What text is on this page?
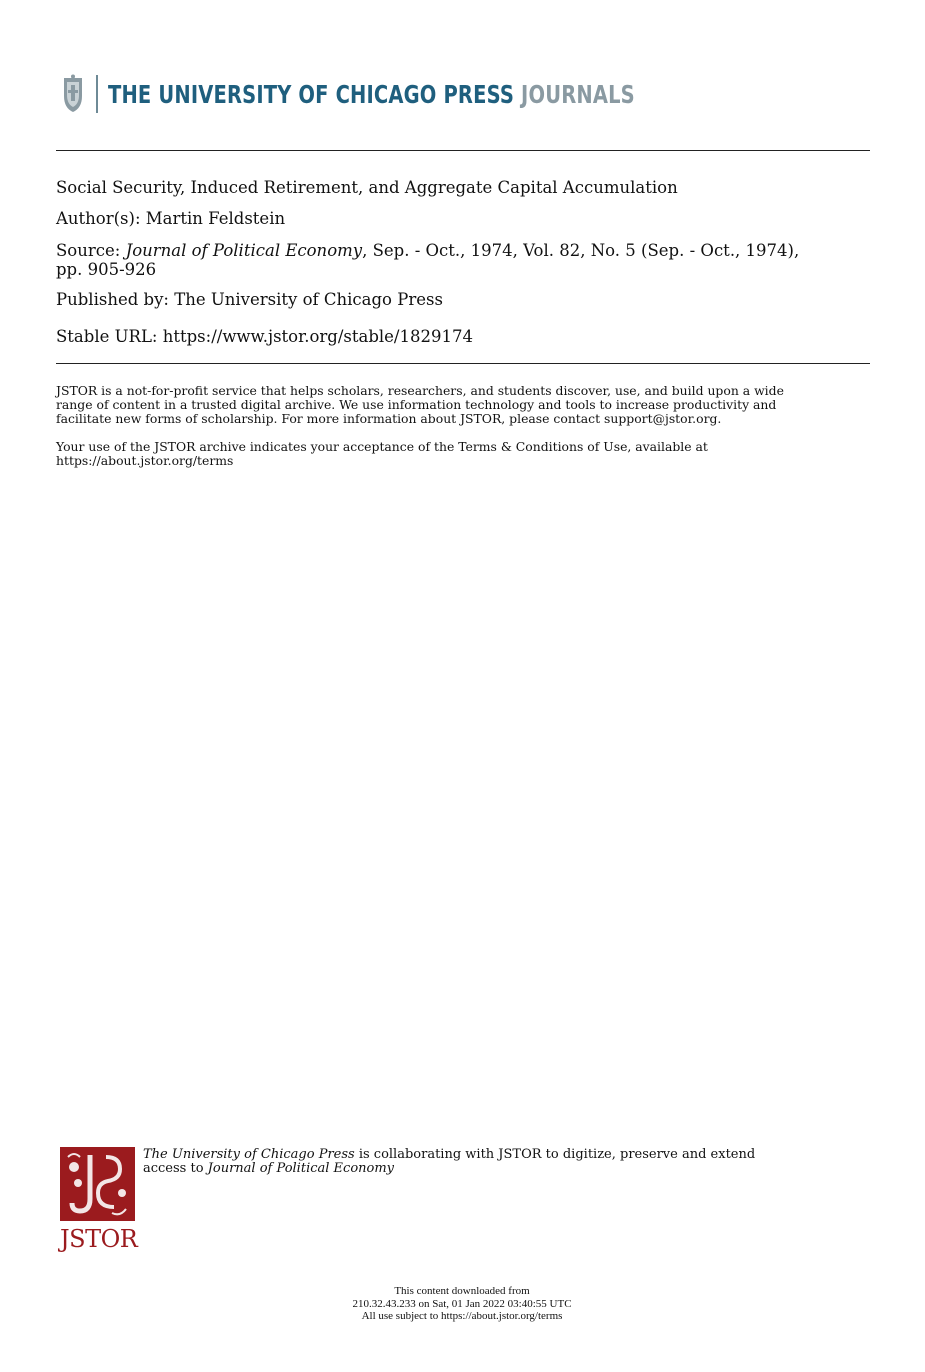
THE UNIVERSITY OF CHICAGO PRESS JOURNALS
Social Security, Induced Retirement, and Aggregate Capital Accumulation
Author(s): Martin Feldstein
Source: Journal of Political Economy, Sep. - Oct., 1974, Vol. 82, No. 5 (Sep. - Oct., 1974),
pp. 905-926
Published by: The University of Chicago Press
Stable URL: https://www.jstor.org/stable/1829174
JSTOR is a not-for-profit service that helps scholars, researchers, and students discover, use, and build upon a wide
range of content in a trusted digital archive. We use information technology and tools to increase productivity and
facilitate new forms of scholarship. For more information about JSTOR, please contact support@jstor.org.
Your use of the JSTOR archive indicates your acceptance of the Terms & Conditions of Use, available at
https://about.jstor.org/terms
JSTOR
The University of Chicago Press is collaborating with JSTOR to digitize, preserve and extend
access to Journal of Political Economy
This content downloaded from
210.32.43.233 on Sat, 01 Jan 2022 03:40:55 UTC
All use subject to https://about.jstor.org/terms
